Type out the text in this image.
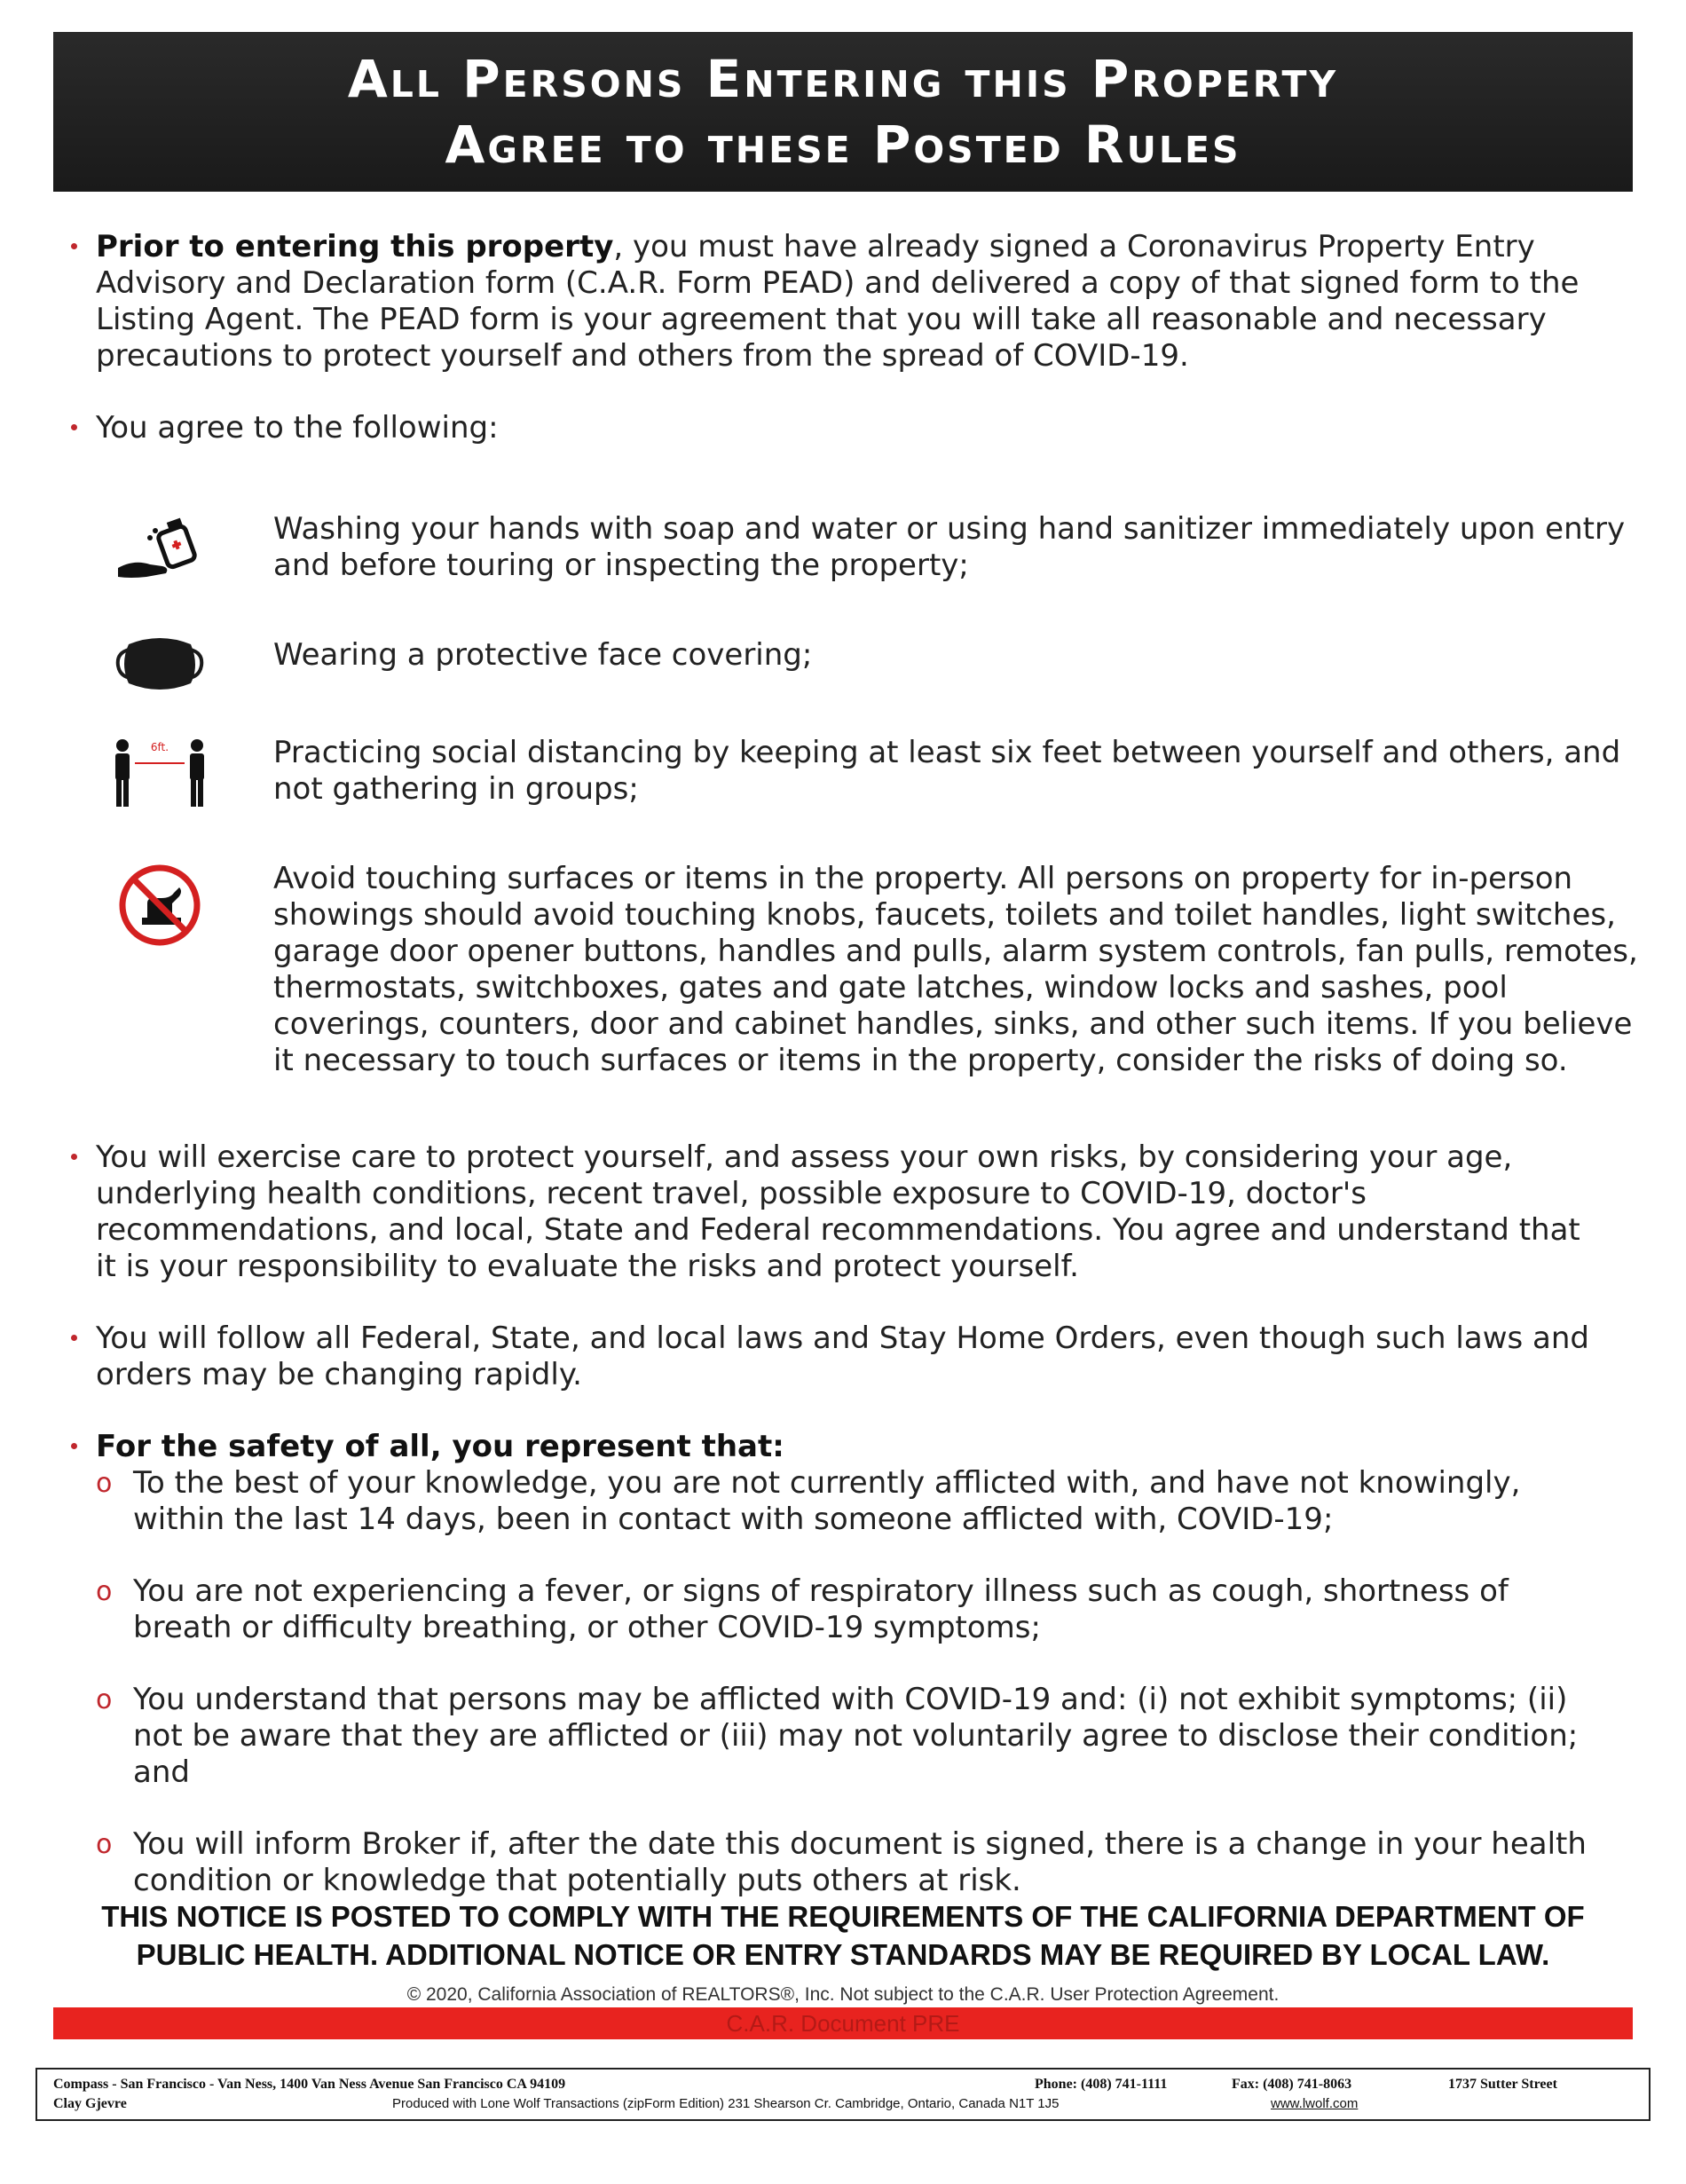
All Persons Entering this Property
Agree to these Posted Rules
Prior to entering this property, you must have already signed a Coronavirus Property Entry Advisory and Declaration form (C.A.R. Form PEAD) and delivered a copy of that signed form to the Listing Agent. The PEAD form is your agreement that you will take all reasonable and necessary precautions to protect yourself and others from the spread of COVID-19.
You agree to the following:
Washing your hands with soap and water or using hand sanitizer immediately upon entry and before touring or inspecting the property;
Wearing a protective face covering;
6ft.	Practicing social distancing by keeping at least six feet between yourself and others, and not gathering in groups;
Avoid touching surfaces or items in the property. All persons on property for in-person showings should avoid touching knobs, faucets, toilets and toilet handles, light switches, garage door opener buttons, handles and pulls, alarm system controls, fan pulls, remotes, thermostats, switchboxes, gates and gate latches, window locks and sashes, pool coverings, counters, door and cabinet handles, sinks, and other such items. If you believe it necessary to touch surfaces or items in the property, consider the risks of doing so.
You will exercise care to protect yourself, and assess your own risks, by considering your age, underlying health conditions, recent travel, possible exposure to COVID-19, doctor's recommendations, and local, State and Federal recommendations. You agree and understand that it is your responsibility to evaluate the risks and protect yourself.
You will follow all Federal, State, and local laws and Stay Home Orders, even though such laws and orders may be changing rapidly.
For the safety of all, you represent that:
o To the best of your knowledge, you are not currently afflicted with, and have not knowingly, within the last 14 days, been in contact with someone afflicted with, COVID-19;
o You are not experiencing a fever, or signs of respiratory illness such as cough, shortness of breath or difficulty breathing, or other COVID-19 symptoms;
o You understand that persons may be afflicted with COVID-19 and: (i) not exhibit symptoms; (ii) not be aware that they are afflicted or (iii) may not voluntarily agree to disclose their condition; and
o You will inform Broker if, after the date this document is signed, there is a change in your health condition or knowledge that potentially puts others at risk.
THIS NOTICE IS POSTED TO COMPLY WITH THE REQUIREMENTS OF THE CALIFORNIA DEPARTMENT OF
PUBLIC HEALTH. ADDITIONAL NOTICE OR ENTRY STANDARDS MAY BE REQUIRED BY LOCAL LAW.
© 2020, California Association of REALTORS®, Inc. Not subject to the C.A.R. User Protection Agreement.
C.A.R. Document PRE
Compass - San Francisco - Van Ness, 1400 Van Ness Avenue San Francisco CA 94109	Phone: (408) 741-1111	Fax: (408) 741-8063	1737 Sutter Street
Clay Gjevre	Produced with Lone Wolf Transactions (zipForm Edition) 231 Shearson Cr. Cambridge, Ontario, Canada N1T 1J5	www.lwolf.com
